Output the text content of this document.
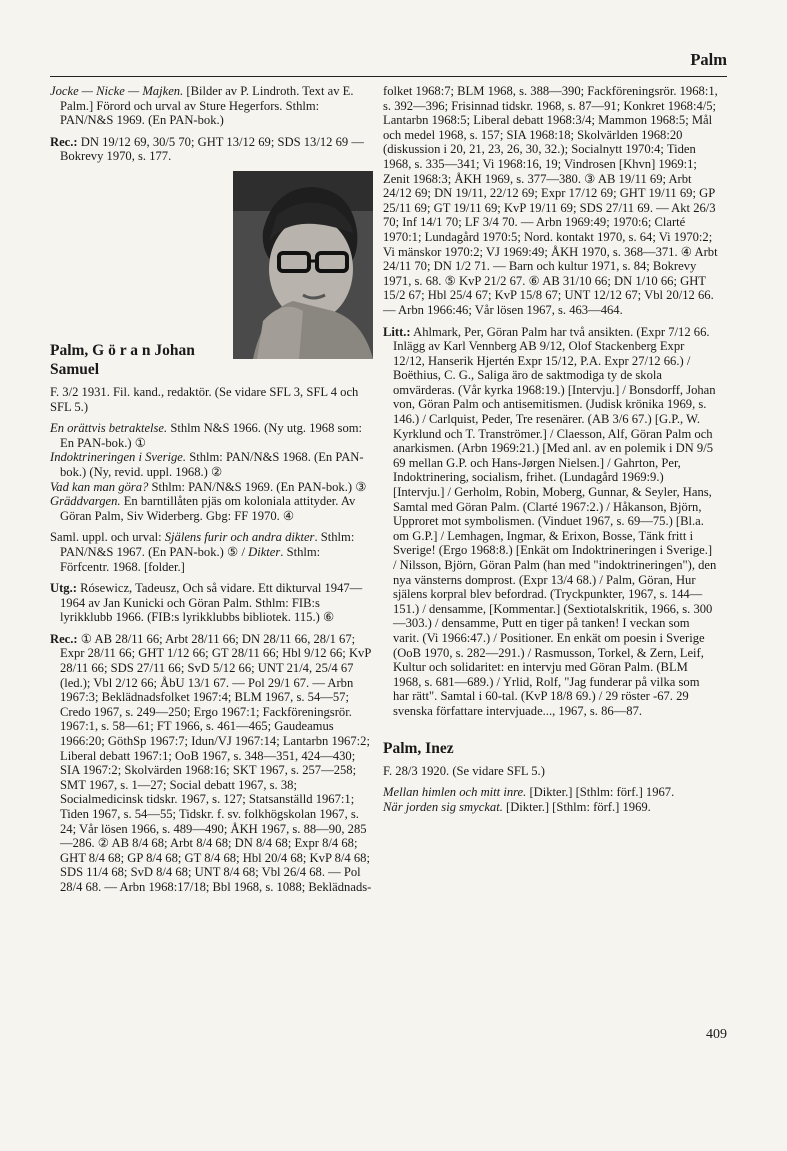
Palm

Jocke — Nicke — Majken. [Bilder av P. Lindroth. Text av E. Palm.] Förord och urval av Sture Hegerfors. Sthlm: PAN/N&S 1969. (En PAN-bok.)

Rec.: DN 19/12 69, 30/5 70; GHT 13/12 69; SDS 13/12 69 — Bokrevy 1970, s. 177.

Palm, G ö r a n Johan

Samuel

F. 3/2 1931. Fil. kand., redaktör. (Se vidare SFL 3, SFL 4 och SFL 5.)

En orättvis betraktelse. Sthlm N&S 1966. (Ny utg. 1968 som: En PAN-bok.) ①

Indoktrineringen i Sverige. Sthlm: PAN/N&S 1968. (En PAN-bok.) (Ny, revid. uppl. 1968.) ②

Vad kan man göra? Sthlm: PAN/N&S 1969. (En PAN-bok.) ③

Gräddvargen. En barntillåten pjäs om koloniala attityder. Av Göran Palm, Siv Widerberg. Gbg: FF 1970. ④

Saml. uppl. och urval: Själens furir och andra dikter. Sthlm: PAN/N&S 1967. (En PAN-bok.) ⑤ / Dikter. Sthlm: Förfcentr. 1968. [folder.]

Utg.: Rósewicz, Tadeusz, Och så vidare. Ett dikturval 1947—1964 av Jan Kunicki och Göran Palm. Sthlm: FIB:s lyrikklubb 1966. (FIB:s lyrikklubbs bibliotek. 115.) ⑥

Rec.: ① AB 28/11 66; Arbt 28/11 66; DN 28/11 66, 28/1 67; Expr 28/11 66; GHT 1/12 66; GT 28/11 66; Hbl 9/12 66; KvP 28/11 66; SDS 27/11 66; SvD 5/12 66; UNT 21/4, 25/4 67 (led.); Vbl 2/12 66; ÅbU 13/1 67. — Pol 29/1 67. — Arbn 1967:3; Beklädnadsfolket 1967:4; BLM 1967, s. 54—57; Credo 1967, s. 249—250; Ergo 1967:1; Fackföreningsrör. 1967:1, s. 58—61; FT 1966, s. 461—465; Gaudeamus 1966:20; GöthSp 1967:7; Idun/VJ 1967:14; Lantarbn 1967:2; Liberal debatt 1967:1; OoB 1967, s. 348—351, 424—430; SIA 1967:2; Skolvärden 1968:16; SKT 1967, s. 257—258; SMT 1967, s. 1—27; Social debatt 1967, s. 38; Socialmedicinsk tidskr. 1967, s. 127; Statsanställd 1967:1; Tiden 1967, s. 54—55; Tidskr. f. sv. folkhögskolan 1967, s. 24; Vår lösen 1966, s. 489—490; ÅKH 1967, s. 88—90, 285—286. ② AB 8/4 68; Arbt 8/4 68; DN 8/4 68; Expr 8/4 68; GHT 8/4 68; GP 8/4 68; GT 8/4 68; Hbl 20/4 68; KvP 8/4 68; SDS 11/4 68; SvD 8/4 68; UNT 8/4 68; Vbl 26/4 68. — Pol 28/4 68. — Arbn 1968:17/18; Bbl 1968, s. 1088; Beklädnads-

folket 1968:7; BLM 1968, s. 388—390; Fackföreningsrör. 1968:1, s. 392—396; Frisinnad tidskr. 1968, s. 87—91; Konkret 1968:4/5; Lantarbn 1968:5; Liberal debatt 1968:3/4; Mammon 1968:5; Mål och medel 1968, s. 157; SIA 1968:18; Skolvärlden 1968:20 (diskussion i 20, 21, 23, 26, 30, 32.); Socialnytt 1970:4; Tiden 1968, s. 335—341; Vi 1968:16, 19; Vindrosen [Khvn] 1969:1; Zenit 1968:3; ÅKH 1969, s. 377—380. ③ AB 19/11 69; Arbt 24/12 69; DN 19/11, 22/12 69; Expr 17/12 69; GHT 19/11 69; GP 25/11 69; GT 19/11 69; KvP 19/11 69; SDS 27/11 69. — Akt 26/3 70; Inf 14/1 70; LF 3/4 70. — Arbn 1969:49; 1970:6; Clarté 1970:1; Lundagård 1970:5; Nord. kontakt 1970, s. 64; Vi 1970:2; Vi mänskor 1970:2; VJ 1969:49; ÅKH 1970, s. 368—371. ④ Arbt 24/11 70; DN 1/2 71. — Barn och kultur 1971, s. 84; Bokrevy 1971, s. 68. ⑤ KvP 21/2 67. ⑥ AB 31/10 66; DN 1/10 66; GHT 15/2 67; Hbl 25/4 67; KvP 15/8 67; UNT 12/12 67; Vbl 20/12 66. — Arbn 1966:46; Vår lösen 1967, s. 463—464.

Litt.: Ahlmark, Per, Göran Palm har två ansikten. (Expr 7/12 66. Inlägg av Karl Vennberg AB 9/12, Olof Stackenberg Expr 12/12, Hanserik Hjertén Expr 15/12, P.A. Expr 27/12 66.) / Boëthius, C. G., Saliga äro de saktmodiga ty de skola omvärderas. (Vår kyrka 1968:19.) [Intervju.] / Bonsdorff, Johan von, Göran Palm och antisemitismen. (Judisk krönika 1969, s. 146.) / Carlquist, Peder, Tre resenärer. (AB 3/6 67.) [G.P., W. Kyrklund och T. Tranströmer.] / Claesson, Alf, Göran Palm och anarkismen. (Arbn 1969:21.) [Med anl. av en polemik i DN 9/5 69 mellan G.P. och Hans-Jørgen Nielsen.] / Gahrton, Per, Indoktrinering, socialism, frihet. (Lundagård 1969:9.) [Intervju.] / Gerholm, Robin, Moberg, Gunnar, & Seyler, Hans, Samtal med Göran Palm. (Clarté 1967:2.) / Håkanson, Björn, Upproret mot symbolismen. (Vinduet 1967, s. 69—75.) [Bl.a. om G.P.] / Lemhagen, Ingmar, & Erixon, Bosse, Tänk fritt i Sverige! (Ergo 1968:8.) [Enkät om Indoktrineringen i Sverige.] / Nilsson, Björn, Göran Palm (han med "indoktrineringen"), den nya vänsterns domprost. (Expr 13/4 68.) / Palm, Göran, Hur själens korpral blev befordrad. (Tryckpunkter, 1967, s. 144—151.) / densamme, [Kommentar.] (Sextiotalskritik, 1966, s. 300—303.) / densamme, Putt en tiger på tanken! I veckan som varit. (Vi 1966:47.) / Positioner. En enkät om poesin i Sverige (OoB 1970, s. 282—291.) / Rasmusson, Torkel, & Zern, Leif, Kultur och solidaritet: en intervju med Göran Palm. (BLM 1968, s. 681—689.) / Yrlid, Rolf, "Jag funderar på vilka som har rätt". Samtal i 60-tal. (KvP 18/8 69.) / 29 röster -67. 29 svenska författare intervjuade..., 1967, s. 86—87.

Palm, Inez

F. 28/3 1920. (Se vidare SFL 5.)

Mellan himlen och mitt inre. [Dikter.] [Sthlm: förf.] 1967.

När jorden sig smyckat. [Dikter.] [Sthlm: förf.] 1969.

409
